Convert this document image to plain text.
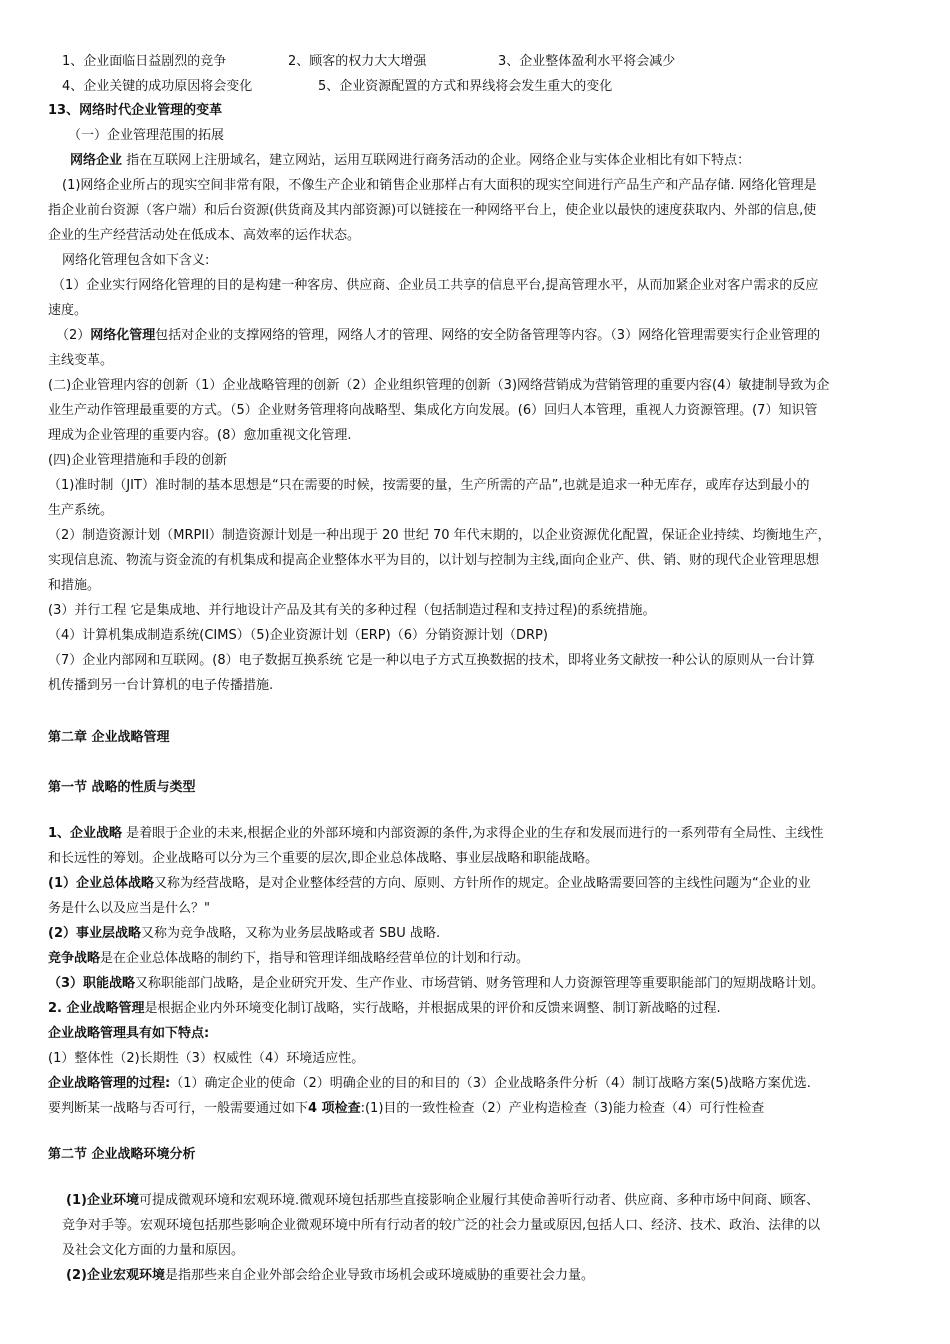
1、企业面临日益剧烈的竞争	2、顾客的权力大大增强	3、企业整体盈利水平将会减少
4、企业关键的成功原因将会变化	5、企业资源配置的方式和界线将会发生重大的变化
13、网络时代企业管理的变革
（一）企业管理范围的拓展
网络企业 指在互联网上注册域名，建立网站，运用互联网进行商务活动的企业。网络企业与实体企业相比有如下特点：
(1)网络企业所占的现实空间非常有限，不像生产企业和销售企业那样占有大面积的现实空间进行产品生产和产品存储. 网络化管理是
指企业前台资源（客户端）和后台资源(供货商及其内部资源)可以链接在一种网络平台上，使企业以最快的速度获取内、外部的信息,使
企业的生产经营活动处在低成本、高效率的运作状态。
网络化管理包含如下含义:
（1）企业实行网络化管理的目的是构建一种客房、供应商、企业员工共享的信息平台,提高管理水平，从而加紧企业对客户需求的反应
速度。
（2）网络化管理包括对企业的支撑网络的管理，网络人才的管理、网络的安全防备管理等内容。（3）网络化管理需要实行企业管理的
主线变革。
(二)企业管理内容的创新（1）企业战略管理的创新（2）企业组织管理的创新（3)网络营销成为营销管理的重要内容(4）敏捷制导致为企
业生产动作管理最重要的方式。（5）企业财务管理将向战略型、集成化方向发展。(6）回归人本管理，重视人力资源管理。(7）知识管
理成为企业管理的重要内容。(8）愈加重视文化管理.
(四)企业管理措施和手段的创新
（1)准时制（JIT）准时制的基本思想是“只在需要的时候，按需要的量，生产所需的产品”,也就是追求一种无库存，或库存达到最小的
生产系统。
（2）制造资源计划（MRPII）制造资源计划是一种出现于 20 世纪 70 年代末期的，以企业资源优化配置，保证企业持续、均衡地生产，
实现信息流、物流与资金流的有机集成和提高企业整体水平为目的，以计划与控制为主线,面向企业产、供、销、财的现代企业管理思想
和措施。
(3）并行工程 它是集成地、并行地设计产品及其有关的多种过程（包括制造过程和支持过程)的系统措施。
（4）计算机集成制造系统(CIMS）（5)企业资源计划（ERP)（6）分销资源计划（DRP)
（7）企业内部网和互联网。(8）电子数据互换系统 它是一种以电子方式互换数据的技术，即将业务文献按一种公认的原则从一台计算
机传播到另一台计算机的电子传播措施.
第二章 企业战略管理
第一节 战略的性质与类型
1、企业战略 是着眼于企业的未来,根据企业的外部环境和内部资源的条件,为求得企业的生存和发展而进行的一系列带有全局性、主线性
和长远性的筹划。企业战略可以分为三个重要的层次,即企业总体战略、事业层战略和职能战略。
(1）企业总体战略又称为经营战略，是对企业整体经营的方向、原则、方针所作的规定。企业战略需要回答的主线性问题为“企业的业
务是什么以及应当是什么？"
(2）事业层战略又称为竞争战略，又称为业务层战略或者 SBU 战略.
竞争战略是在企业总体战略的制约下，指导和管理详细战略经营单位的计划和行动。
（3）职能战略又称职能部门战略，是企业研究开发、生产作业、市场营销、财务管理和人力资源管理等重要职能部门的短期战略计划。
2. 企业战略管理是根据企业内外环境变化制订战略，实行战略，并根据成果的评价和反馈来调整、制订新战略的过程.
企业战略管理具有如下特点:
(1）整体性（2)长期性（3）权威性（4）环境适应性。
企业战略管理的过程:（1）确定企业的使命（2）明确企业的目的和目的（3）企业战略条件分析（4）制订战略方案(5)战略方案优选.
要判断某一战略与否可行，一般需要通过如下4 项检查:(1)目的一致性检查（2）产业构造检查（3)能力检查（4）可行性检查
第二节 企业战略环境分析
(1)企业环境可提成微观环境和宏观环境.微观环境包括那些直接影响企业履行其使命善听行动者、供应商、多种市场中间商、顾客、
竞争对手等。宏观环境包括那些影响企业微观环境中所有行动者的较广泛的社会力量或原因,包括人口、经济、技术、政治、法律的以
及社会文化方面的力量和原因。
(2)企业宏观环境是指那些来自企业外部会给企业导致市场机会或环境威胁的重要社会力量。
